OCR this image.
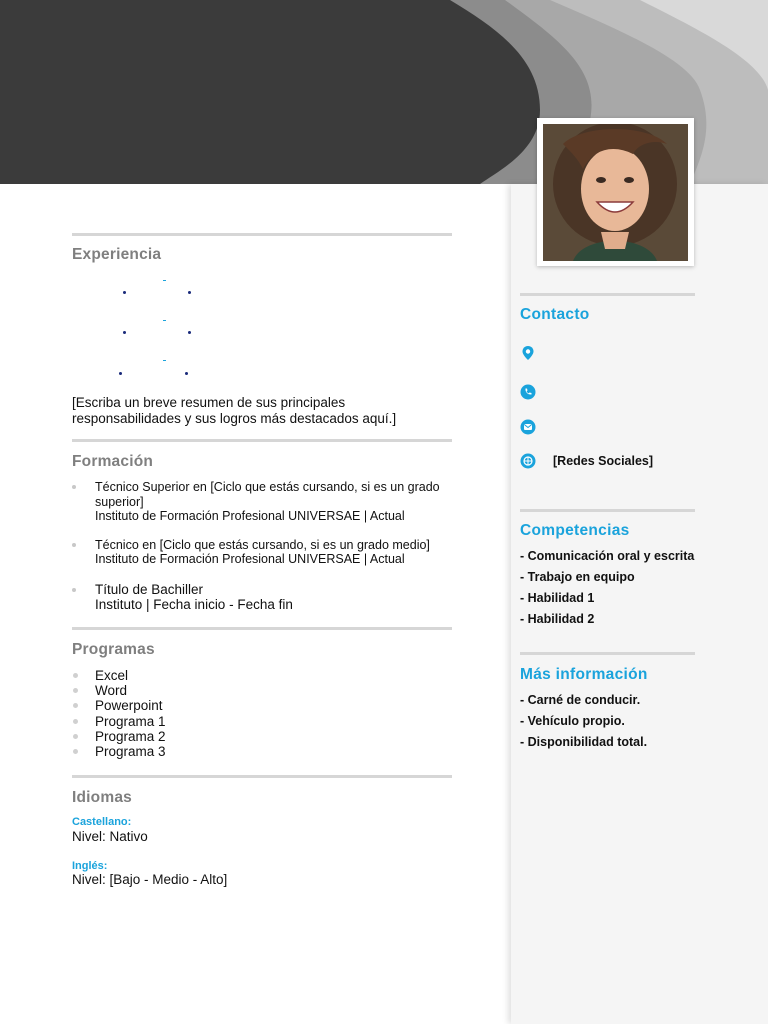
Experiencia
[Escriba un breve resumen de sus principales responsabilidades y sus logros más destacados aquí.]
Formación
Técnico Superior en [Ciclo que estás cursando, si es un grado superior]
Instituto de Formación Profesional UNIVERSAE | Actual
Técnico en [Ciclo que estás cursando, si es un grado medio]
Instituto de Formación Profesional UNIVERSAE | Actual
Título de Bachiller
Instituto | Fecha inicio - Fecha fin
Programas
Excel
Word
Powerpoint
Programa 1
Programa 2
Programa 3
Idiomas
Castellano:
Nivel: Nativo
Inglés:
Nivel: [Bajo - Medio - Alto]
Contacto
[Redes Sociales]
Competencias
- Comunicación oral y escrita
- Trabajo en equipo
- Habilidad 1
- Habilidad 2
Más información
- Carné de conducir.
- Vehículo propio.
- Disponibilidad total.
